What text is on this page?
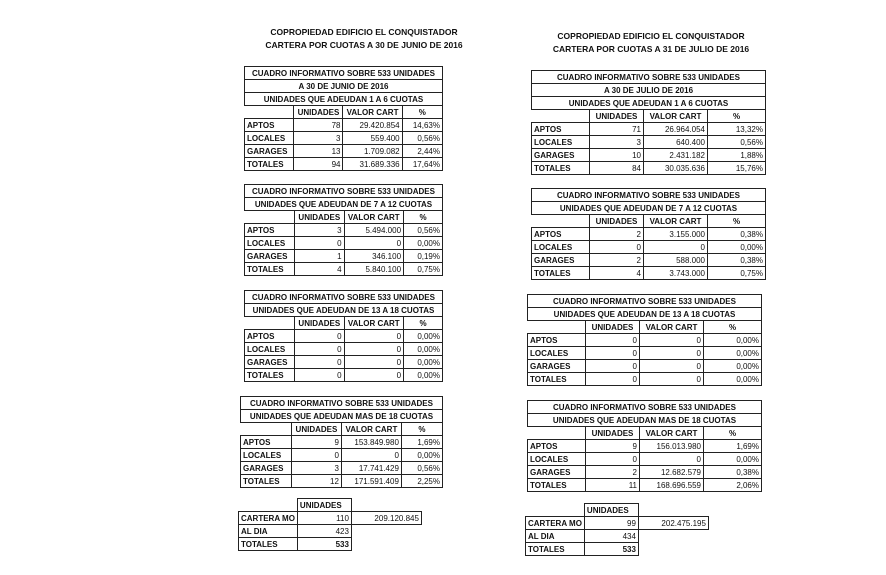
COPROPIEDAD EDIFICIO EL CONQUISTADOR
CARTERA POR CUOTAS A 30 DE JUNIO DE 2016
CUADRO INFORMATIVO SOBRE 533 UNIDADES			
A 30 DE JUNIO DE 2016			
UNIDADES QUE ADEUDAN 1 A 6 CUOTAS			
	UNIDADES	VALOR CART	%
APTOS	78	29.420.854	14,63%
LOCALES	3	559.400	0,56%
GARAGES	13	1.709.082	2,44%
TOTALES	94	31.689.336	17,64%
CUADRO INFORMATIVO SOBRE 533 UNIDADES			
UNIDADES QUE ADEUDAN DE 7 A 12 CUOTAS			
	UNIDADES	VALOR CART	%
APTOS	3	5.494.000	0,56%
LOCALES	0	0	0,00%
GARAGES	1	346.100	0,19%
TOTALES	4	5.840.100	0,75%
CUADRO INFORMATIVO SOBRE 533 UNIDADES			
UNIDADES QUE ADEUDAN DE 13 A 18 CUOTAS			
	UNIDADES	VALOR CART	%
APTOS	0	0	0,00%
LOCALES	0	0	0,00%
GARAGES	0	0	0,00%
TOTALES	0	0	0,00%
CUADRO INFORMATIVO SOBRE 533 UNIDADES			
UNIDADES QUE ADEUDAN MAS DE 18 CUOTAS			
	UNIDADES	VALOR CART	%
APTOS	9	153.849.980	1,69%
LOCALES	0	0	0,00%
GARAGES	3	17.741.429	0,56%
TOTALES	12	171.591.409	2,25%
	UNIDADES	
CARTERA MO	110	209.120.845
AL DIA	423	
TOTALES	533	
COPROPIEDAD EDIFICIO EL CONQUISTADOR
CARTERA POR CUOTAS A 31 DE JULIO DE 2016
CUADRO INFORMATIVO SOBRE 533 UNIDADES			
A 30 DE JULIO DE 2016			
UNIDADES QUE ADEUDAN 1 A 6 CUOTAS			
	UNIDADES	VALOR CART	%
APTOS	71	26.964.054	13,32%
LOCALES	3	640.400	0,56%
GARAGES	10	2.431.182	1,88%
TOTALES	84	30.035.636	15,76%
CUADRO INFORMATIVO SOBRE 533 UNIDADES			
UNIDADES QUE ADEUDAN DE 7 A 12 CUOTAS			
	UNIDADES	VALOR CART	%
APTOS	2	3.155.000	0,38%
LOCALES	0	0	0,00%
GARAGES	2	588.000	0,38%
TOTALES	4	3.743.000	0,75%
CUADRO INFORMATIVO SOBRE 533 UNIDADES			
UNIDADES QUE ADEUDAN DE 13 A 18 CUOTAS			
	UNIDADES	VALOR CART	%
APTOS	0	0	0,00%
LOCALES	0	0	0,00%
GARAGES	0	0	0,00%
TOTALES	0	0	0,00%
CUADRO INFORMATIVO SOBRE 533 UNIDADES			
UNIDADES QUE ADEUDAN MAS DE 18 CUOTAS			
	UNIDADES	VALOR CART	%
APTOS	9	156.013.980	1,69%
LOCALES	0	0	0,00%
GARAGES	2	12.682.579	0,38%
TOTALES	11	168.696.559	2,06%
	UNIDADES	
CARTERA MO	99	202.475.195
AL DIA	434	
TOTALES	533	
